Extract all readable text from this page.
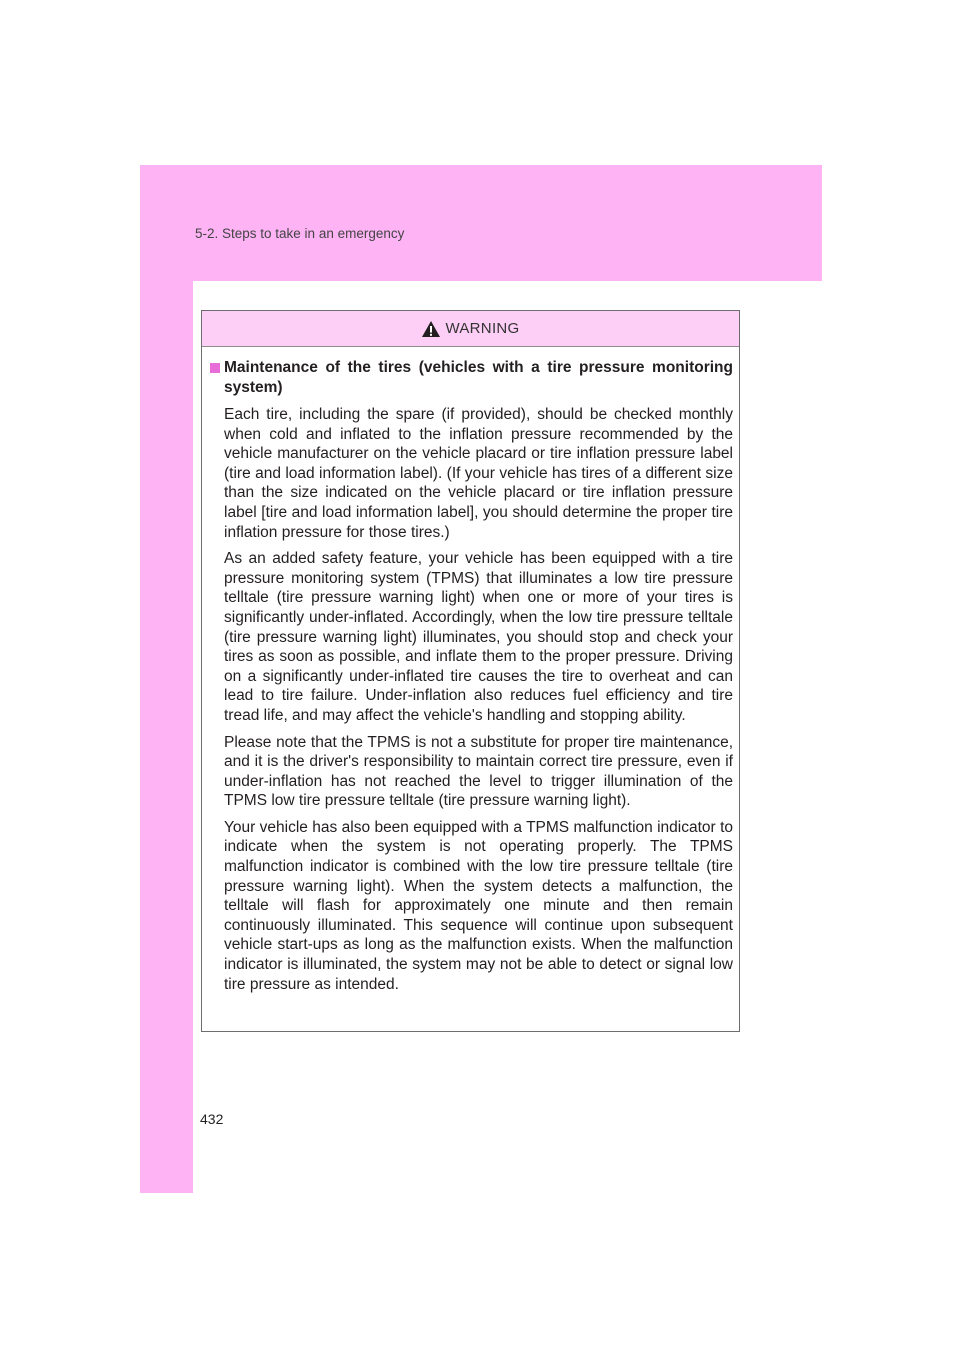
5-2. Steps to take in an emergency
WARNING
Maintenance of the tires (vehicles with a tire pressure monitoring system)

Each tire, including the spare (if provided), should be checked monthly when cold and inflated to the inflation pressure recommended by the vehicle manufacturer on the vehicle placard or tire inflation pressure label (tire and load information label). (If your vehicle has tires of a different size than the size indicated on the vehicle placard or tire inflation pressure label [tire and load information label], you should determine the proper tire inflation pressure for those tires.)

As an added safety feature, your vehicle has been equipped with a tire pressure monitoring system (TPMS) that illuminates a low tire pressure telltale (tire pressure warning light) when one or more of your tires is significantly under-inflated. Accordingly, when the low tire pressure telltale (tire pressure warning light) illuminates, you should stop and check your tires as soon as possible, and inflate them to the proper pressure. Driving on a significantly under-inflated tire causes the tire to overheat and can lead to tire failure. Under-inflation also reduces fuel efficiency and tire tread life, and may affect the vehicle's handling and stopping ability.

Please note that the TPMS is not a substitute for proper tire maintenance, and it is the driver's responsibility to maintain correct tire pressure, even if under-inflation has not reached the level to trigger illumination of the TPMS low tire pressure telltale (tire pressure warning light).

Your vehicle has also been equipped with a TPMS malfunction indicator to indicate when the system is not operating properly. The TPMS malfunction indicator is combined with the low tire pressure telltale (tire pressure warning light). When the system detects a malfunction, the telltale will flash for approximately one minute and then remain continuously illuminated. This sequence will continue upon subsequent vehicle start-ups as long as the malfunction exists. When the malfunction indicator is illuminated, the system may not be able to detect or signal low tire pressure as intended.

432
